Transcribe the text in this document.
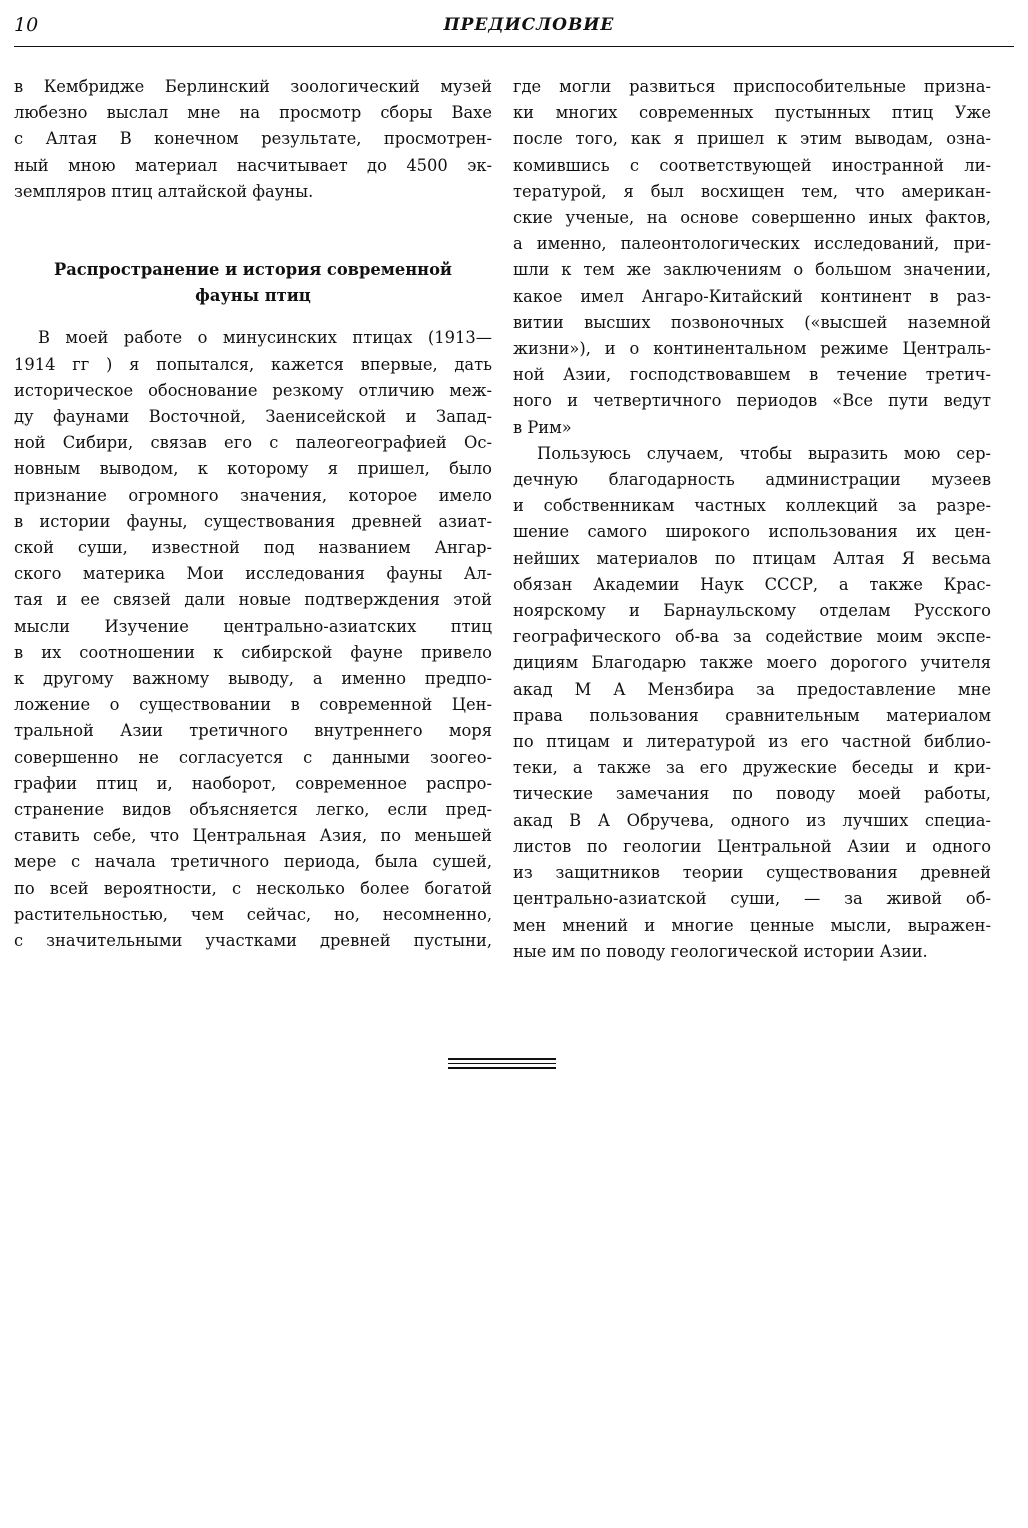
10	ПРЕДИСЛОВИЕ
в Кембридже Берлинский зоологический музей
любезно выслал мне на просмотр сборы Вахе
с Алтая В конечном результате, просмотрен-
ный мною материал насчитывает до 4500 эк-
земпляров птиц алтайской фауны.
Распространение и история современной
фауны птиц
В моей работе о минусинских птицах (1913—
1914 гг ) я попытался, кажется впервые, дать
историческое обоснование резкому отличию меж-
ду фаунами Восточной, Заенисейской и Запад-
ной Сибири, связав его с палеогеографией Ос-
новным выводом, к которому я пришел, было
признание огромного значения, которое имело
в истории фауны, существования древней азиат-
ской суши, известной под названием Ангар-
ского материка Мои исследования фауны Ал-
тая и ее связей дали новые подтверждения этой
мысли Изучение центрально-азиатских птиц
в их соотношении к сибирской фауне привело
к другому важному выводу, а именно предпо-
ложение о существовании в современной Цен-
тральной Азии третичного внутреннего моря
совершенно не согласуется с данными зоогео-
графии птиц и, наоборот, современное распро-
странение видов объясняется легко, если пред-
ставить себе, что Центральная Азия, по меньшей
мере с начала третичного периода, была сушей,
по всей вероятности, с несколько более богатой
растительностью, чем сейчас, но, несомненно,
с значительными участками древней пустыни,
где могли развиться приспособительные призна-
ки многих современных пустынных птиц Уже
после того, как я пришел к этим выводам, озна-
комившись с соответствующей иностранной ли-
тературой, я был восхищен тем, что американ-
ские ученые, на основе совершенно иных фактов,
а именно, палеонтологических исследований, при-
шли к тем же заключениям о большом значении,
какое имел Ангаро-Китайский континент в раз-
витии высших позвоночных («высшей наземной
жизни»), и о континентальном режиме Централь-
ной Азии, господствовавшем в течение третич-
ного и четвертичного периодов «Все пути ведут
в Рим»
Пользуюсь случаем, чтобы выразить мою сер-
дечную благодарность администрации музеев
и собственникам частных коллекций за разре-
шение самого широкого использования их цен-
нейших материалов по птицам Алтая Я весьма
обязан Академии Наук СССР, а также Крас-
ноярскому и Барнаульскому отделам Русского
географического об-ва за содействие моим экспе-
дициям Благодарю также моего дорогого учителя
акад М А Мензбира за предоставление мне
права пользования сравнительным материалом
по птицам и литературой из его частной библио-
теки, а также за его дружеские беседы и кри-
тические замечания по поводу моей работы,
акад В А Обручева, одного из лучших специа-
листов по геологии Центральной Азии и одного
из защитников теории существования древней
центрально-азиатской суши, — за живой об-
мен мнений и многие ценные мысли, выражен-
ные им по поводу геологической истории Азии.
